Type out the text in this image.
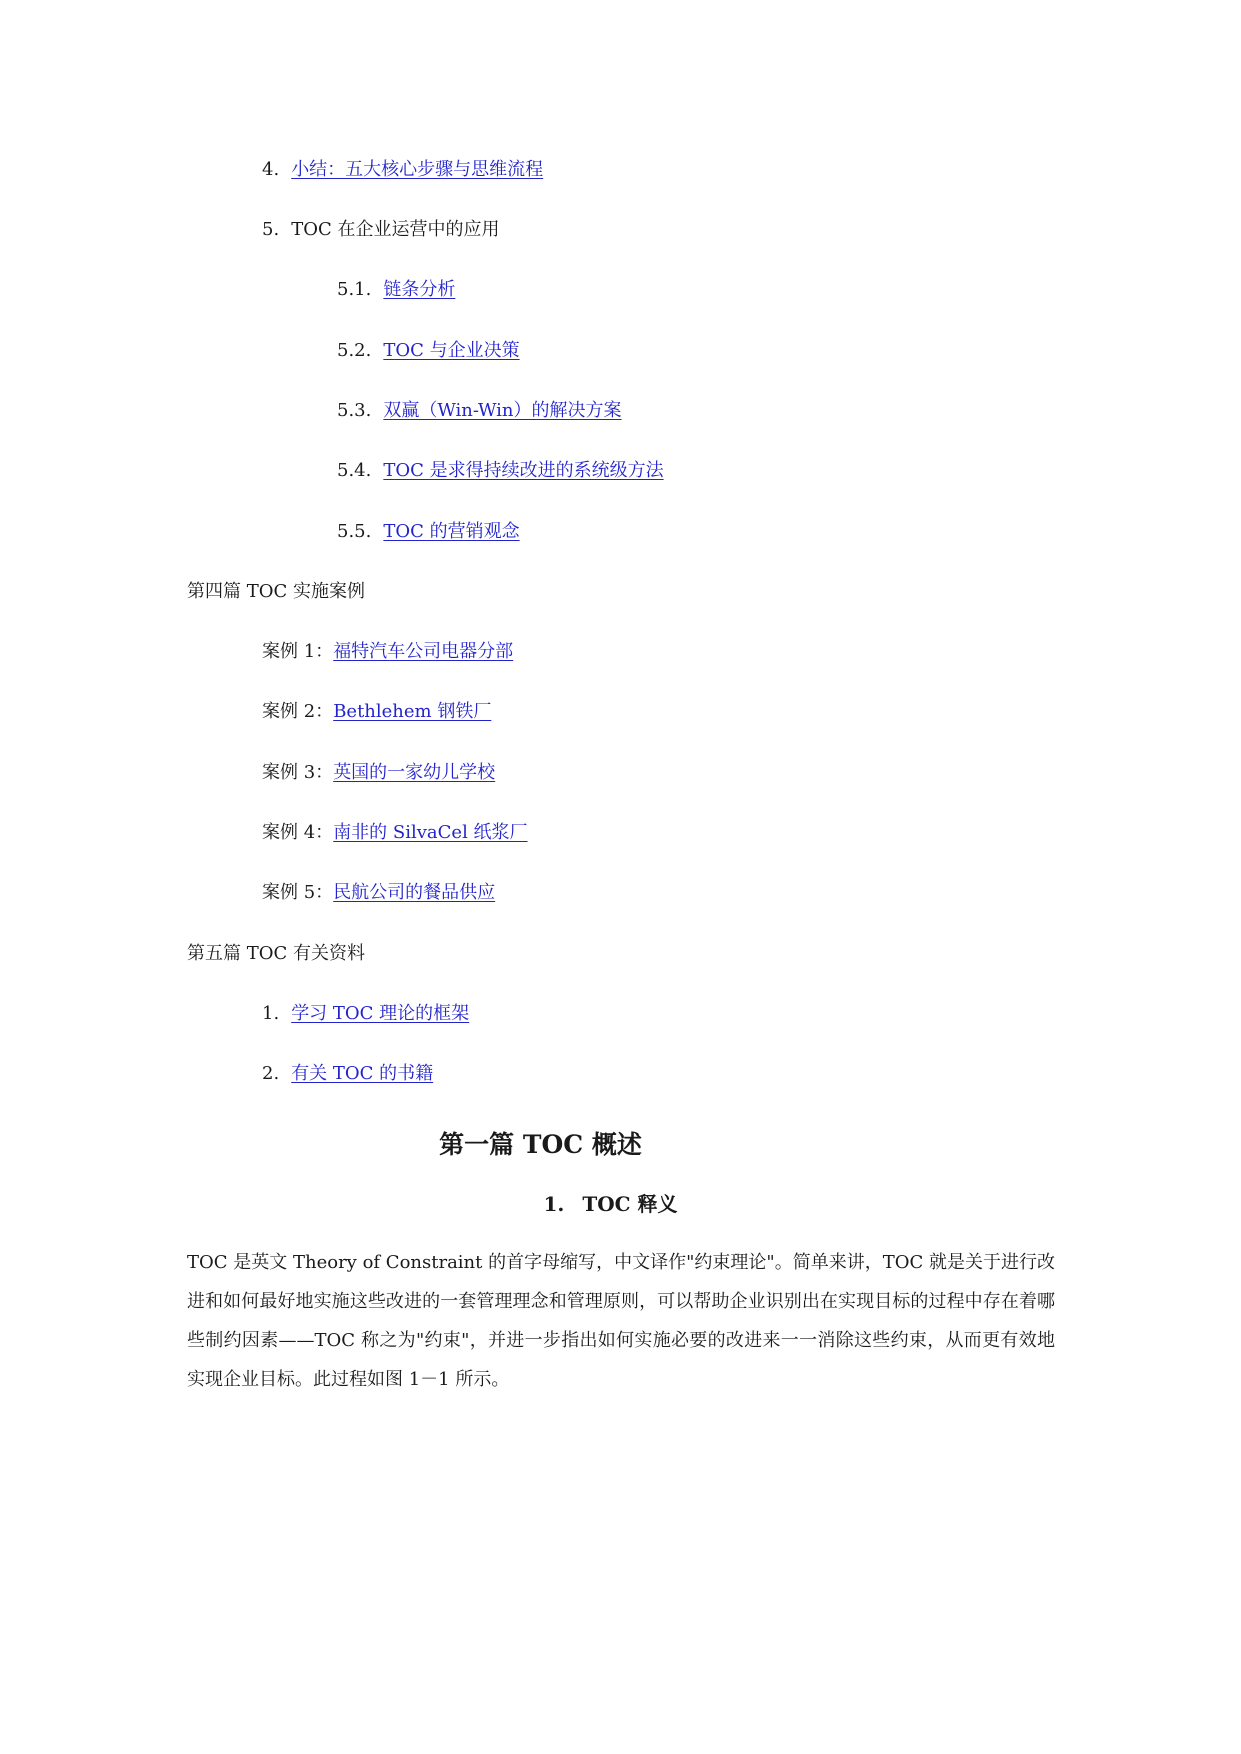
4. 小结：五大核心步骤与思维流程
5. TOC 在企业运营中的应用
5.1. 链条分析
5.2. TOC 与企业决策
5.3. 双赢（Win-Win）的解决方案
5.4. TOC 是求得持续改进的系统级方法
5.5. TOC 的营销观念
第四篇 TOC 实施案例
案例 1：福特汽车公司电器分部
案例 2：Bethlehem 钢铁厂
案例 3：英国的一家幼儿学校
案例 4：南非的 SilvaCel 纸浆厂
案例 5：民航公司的餐品供应
第五篇 TOC 有关资料
1. 学习 TOC 理论的框架
2. 有关 TOC 的书籍
第一篇 TOC 概述
1. TOC 释义
TOC 是英文 Theory of Constraint 的首字母缩写，中文译作"约束理论"。简单来讲，TOC 就是关于进行改进和如何最好地实施这些改进的一套管理理念和管理原则，可以帮助企业识别出在实现目标的过程中存在着哪些制约因素——TOC 称之为"约束"，并进一步指出如何实施必要的改进来一一消除这些约束，从而更有效地实现企业目标。此过程如图 1－1 所示。
